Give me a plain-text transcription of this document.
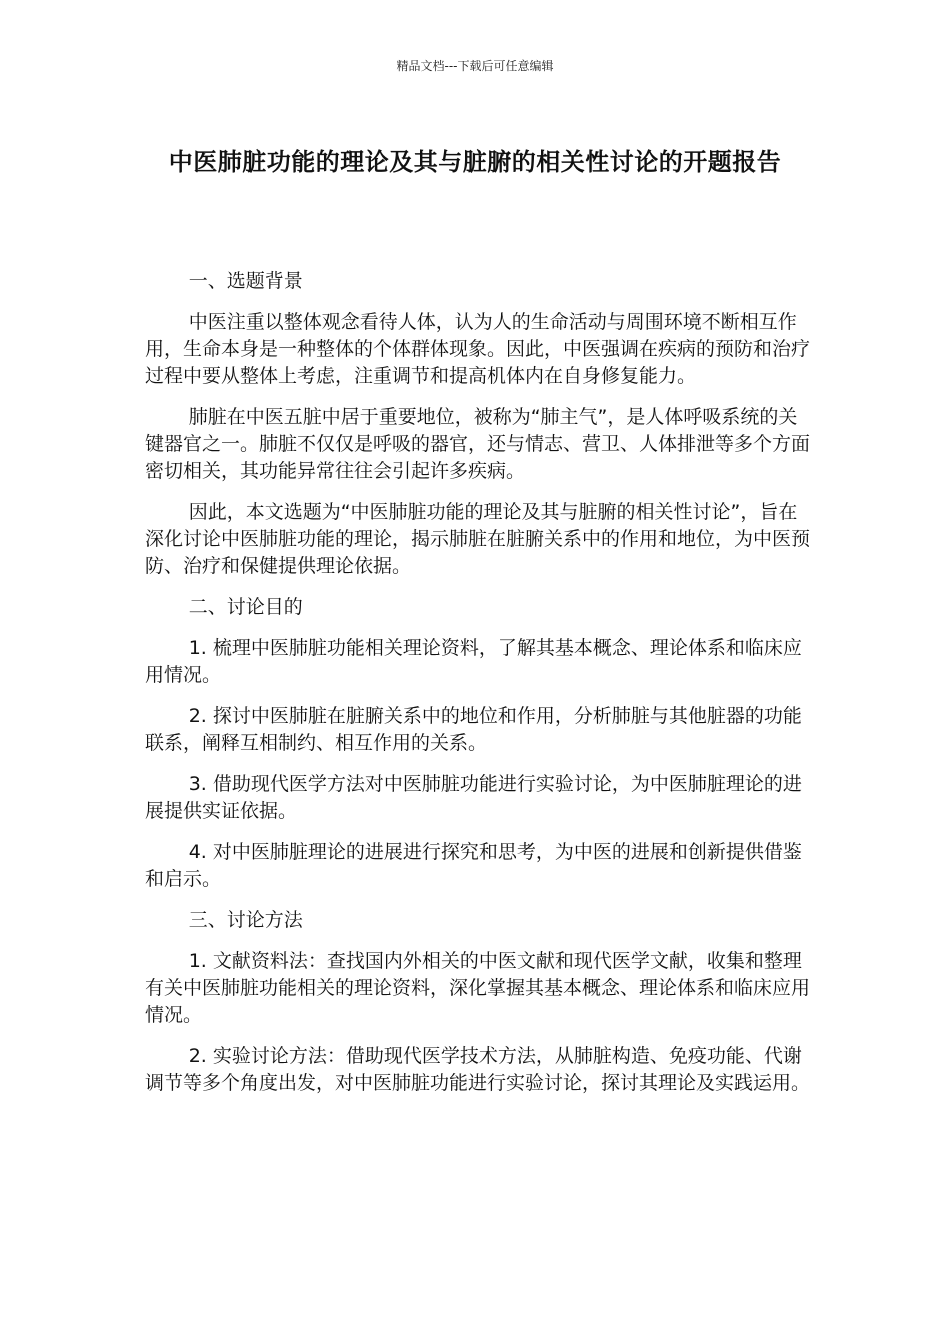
精品文档---下载后可任意编辑
中医肺脏功能的理论及其与脏腑的相关性讨论的开题报告

一、选题背景

中医注重以整体观念看待人体，认为人的生命活动与周围环境不断相互作用，生命本身是一种整体的个体群体现象。因此，中医强调在疾病的预防和治疗过程中要从整体上考虑，注重调节和提高机体内在自身修复能力。

肺脏在中医五脏中居于重要地位，被称为“肺主气”，是人体呼吸系统的关键器官之一。肺脏不仅仅是呼吸的器官，还与情志、营卫、人体排泄等多个方面密切相关，其功能异常往往会引起许多疾病。

因此，本文选题为“中医肺脏功能的理论及其与脏腑的相关性讨论”，旨在深化讨论中医肺脏功能的理论，揭示肺脏在脏腑关系中的作用和地位，为中医预防、治疗和保健提供理论依据。

二、讨论目的

1. 梳理中医肺脏功能相关理论资料，了解其基本概念、理论体系和临床应用情况。

2. 探讨中医肺脏在脏腑关系中的地位和作用，分析肺脏与其他脏器的功能联系，阐释互相制约、相互作用的关系。

3. 借助现代医学方法对中医肺脏功能进行实验讨论，为中医肺脏理论的进展提供实证依据。

4. 对中医肺脏理论的进展进行探究和思考，为中医的进展和创新提供借鉴和启示。

三、讨论方法

1. 文献资料法：查找国内外相关的中医文献和现代医学文献，收集和整理有关中医肺脏功能相关的理论资料，深化掌握其基本概念、理论体系和临床应用情况。

2. 实验讨论方法：借助现代医学技术方法，从肺脏构造、免疫功能、代谢调节等多个角度出发，对中医肺脏功能进行实验讨论，探讨其理论及实践运用。
